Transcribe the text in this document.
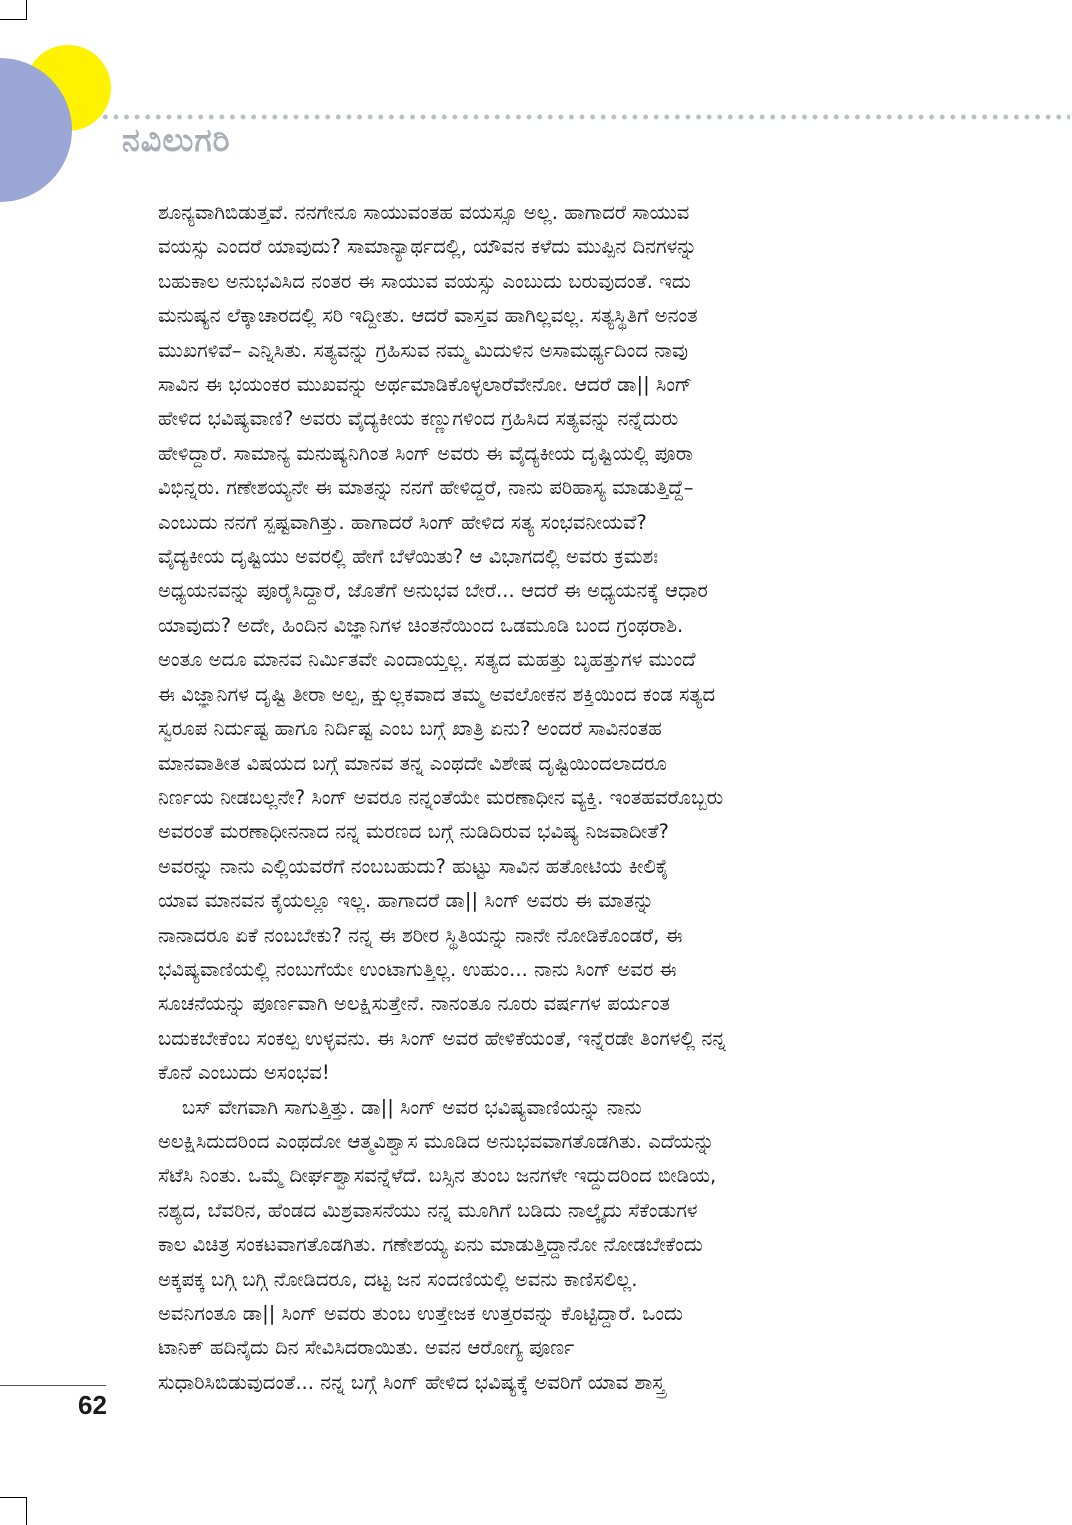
ನವಿಲುಗರಿ

ಶೂನ್ಯವಾಗಿಬಿಡುತ್ತವೆ. ನನಗೇನೂ ಸಾಯುವಂತಹ ವಯಸ್ಸೂ ಅಲ್ಲ. ಹಾಗಾದರೆ ಸಾಯುವ

ವಯಸ್ಸು ಎಂದರೆ ಯಾವುದು? ಸಾಮಾನ್ಯಾರ್ಥದಲ್ಲಿ, ಯೌವನ ಕಳೆದು ಮುಪ್ಪಿನ ದಿನಗಳನ್ನು

ಬಹುಕಾಲ ಅನುಭವಿಸಿದ ನಂತರ ಈ ಸಾಯುವ ವಯಸ್ಸು ಎಂಬುದು ಬರುವುದಂತೆ. ಇದು

ಮನುಷ್ಯನ ಲೆಕ್ಕಾಚಾರದಲ್ಲಿ ಸರಿ ಇದ್ದೀತು. ಆದರೆ ವಾಸ್ತವ ಹಾಗಿಲ್ಲವಲ್ಲ. ಸತ್ಯಸ್ಥಿತಿಗೆ ಅನಂತ

ಮುಖಗಳಿವೆ– ಎನ್ನಿಸಿತು. ಸತ್ಯವನ್ನು ಗ್ರಹಿಸುವ ನಮ್ಮ ಮಿದುಳಿನ ಅಸಾಮರ್ಥ್ಯದಿಂದ ನಾವು

ಸಾವಿನ ಈ ಭಯಂಕರ ಮುಖವನ್ನು ಅರ್ಥಮಾಡಿಕೊಳ್ಳಲಾರೆವೇನೋ. ಆದರೆ ಡಾ|| ಸಿಂಗ್

ಹೇಳಿದ ಭವಿಷ್ಯವಾಣಿ? ಅವರು ವೈದ್ಯಕೀಯ ಕಣ್ಣುಗಳಿಂದ ಗ್ರಹಿಸಿದ ಸತ್ಯವನ್ನು ನನ್ನೆದುರು

ಹೇಳಿದ್ದಾರೆ. ಸಾಮಾನ್ಯ ಮನುಷ್ಯನಿಗಿಂತ ಸಿಂಗ್ ಅವರು ಈ ವೈದ್ಯಕೀಯ ದೃಷ್ಟಿಯಲ್ಲಿ ಪೂರಾ

ವಿಭಿನ್ನರು. ಗಣೇಶಯ್ಯನೇ ಈ ಮಾತನ್ನು ನನಗೆ ಹೇಳಿದ್ದರೆ, ನಾನು ಪರಿಹಾಸ್ಯ ಮಾಡುತ್ತಿದ್ದೆ–

ಎಂಬುದು ನನಗೆ ಸ್ಪಷ್ಟವಾಗಿತ್ತು. ಹಾಗಾದರೆ ಸಿಂಗ್ ಹೇಳಿದ ಸತ್ಯ ಸಂಭವನೀಯವೆ?

ವೈದ್ಯಕೀಯ ದೃಷ್ಟಿಯು ಅವರಲ್ಲಿ ಹೇಗೆ ಬೆಳೆಯಿತು? ಆ ವಿಭಾಗದಲ್ಲಿ ಅವರು ಕ್ರಮಶಃ

ಅಧ್ಯಯನವನ್ನು ಪೂರೈಸಿದ್ದಾರೆ, ಜೊತೆಗೆ ಅನುಭವ ಬೇರೆ... ಆದರೆ ಈ ಅಧ್ಯಯನಕ್ಕೆ ಆಧಾರ

ಯಾವುದು? ಅದೇ, ಹಿಂದಿನ ವಿಜ್ಞಾನಿಗಳ ಚಿಂತನೆಯಿಂದ ಒಡಮೂಡಿ ಬಂದ ಗ್ರಂಥರಾಶಿ.

ಅಂತೂ ಅದೂ ಮಾನವ ನಿರ್ಮಿತವೇ ಎಂದಾಯ್ತಲ್ಲ. ಸತ್ಯದ ಮಹತ್ತು ಬೃಹತ್ತುಗಳ ಮುಂದೆ

ಈ ವಿಜ್ಞಾನಿಗಳ ದೃಷ್ಟಿ ತೀರಾ ಅಲ್ಪ, ಕ್ಷುಲ್ಲಕವಾದ ತಮ್ಮ ಅವಲೋಕನ ಶಕ್ತಿಯಿಂದ ಕಂಡ ಸತ್ಯದ

ಸ್ವರೂಪ ನಿರ್ದುಷ್ಟ ಹಾಗೂ ನಿರ್ದಿಷ್ಟ ಎಂಬ ಬಗ್ಗೆ ಖಾತ್ರಿ ಏನು? ಅಂದರೆ ಸಾವಿನಂತಹ

ಮಾನವಾತೀತ ವಿಷಯದ ಬಗ್ಗೆ ಮಾನವ ತನ್ನ ಎಂಥದೇ ವಿಶೇಷ ದೃಷ್ಟಿಯಿಂದಲಾದರೂ

ನಿರ್ಣಯ ನೀಡಬಲ್ಲನೇ? ಸಿಂಗ್ ಅವರೂ ನನ್ನಂತೆಯೇ ಮರಣಾಧೀನ ವ್ಯಕ್ತಿ. ಇಂತಹವರೊಬ್ಬರು

ಅವರಂತೆ ಮರಣಾಧೀನನಾದ ನನ್ನ ಮರಣದ ಬಗ್ಗೆ ನುಡಿದಿರುವ ಭವಿಷ್ಯ ನಿಜವಾದೀತೆ?

ಅವರನ್ನು ನಾನು ಎಲ್ಲಿಯವರೆಗೆ ನಂಬಬಹುದು? ಹುಟ್ಟು ಸಾವಿನ ಹತೋಟಿಯ ಕೀಲಿಕೈ

ಯಾವ ಮಾನವನ ಕೈಯಲ್ಲೂ ಇಲ್ಲ. ಹಾಗಾದರೆ ಡಾ|| ಸಿಂಗ್ ಅವರು ಈ ಮಾತನ್ನು

ನಾನಾದರೂ ಏಕೆ ನಂಬಬೇಕು? ನನ್ನ ಈ ಶರೀರ ಸ್ಥಿತಿಯನ್ನು ನಾನೇ ನೋಡಿಕೊಂಡರೆ, ಈ

ಭವಿಷ್ಯವಾಣಿಯಲ್ಲಿ ನಂಬುಗೆಯೇ ಉಂಟಾಗುತ್ತಿಲ್ಲ. ಉಹುಂ... ನಾನು ಸಿಂಗ್ ಅವರ ಈ

ಸೂಚನೆಯನ್ನು ಪೂರ್ಣವಾಗಿ ಅಲಕ್ಷಿಸುತ್ತೇನೆ. ನಾನಂತೂ ನೂರು ವರ್ಷಗಳ ಪರ್ಯಂತ

ಬದುಕಬೇಕೆಂಬ ಸಂಕಲ್ಪ ಉಳ್ಳವನು. ಈ ಸಿಂಗ್ ಅವರ ಹೇಳಿಕೆಯಂತೆ, ಇನ್ನೆರಡೇ ತಿಂಗಳಲ್ಲಿ ನನ್ನ

ಕೊನೆ ಎಂಬುದು ಅಸಂಭವ!

ಬಸ್ ವೇಗವಾಗಿ ಸಾಗುತ್ತಿತ್ತು. ಡಾ|| ಸಿಂಗ್ ಅವರ ಭವಿಷ್ಯವಾಣಿಯನ್ನು ನಾನು

ಅಲಕ್ಷಿಸಿದುದರಿಂದ ಎಂಥದೋ ಆತ್ಮವಿಶ್ವಾಸ ಮೂಡಿದ ಅನುಭವವಾಗತೊಡಗಿತು. ಎದೆಯನ್ನು

ಸೆಟೆಸಿ ನಿಂತು. ಒಮ್ಮೆ ದೀರ್ಘಶ್ವಾಸವನ್ನೆಳೆದೆ. ಬಸ್ಸಿನ ತುಂಬ ಜನಗಳೇ ಇದ್ದುದರಿಂದ ಬೀಡಿಯ,

ನಶ್ಯದ, ಬೆವರಿನ, ಹೆಂಡದ ಮಿಶ್ರವಾಸನೆಯು ನನ್ನ ಮೂಗಿಗೆ ಬಡಿದು ನಾಲ್ಕೈದು ಸೆಕೆಂಡುಗಳ

ಕಾಲ ವಿಚಿತ್ರ ಸಂಕಟವಾಗತೊಡಗಿತು. ಗಣೇಶಯ್ಯ ಏನು ಮಾಡುತ್ತಿದ್ದಾನೋ ನೋಡಬೇಕೆಂದು

ಅಕ್ಕಪಕ್ಕ ಬಗ್ಗಿ ಬಗ್ಗಿ ನೋಡಿದರೂ, ದಟ್ಟ ಜನ ಸಂದಣಿಯಲ್ಲಿ ಅವನು ಕಾಣಿಸಲಿಲ್ಲ.

ಅವನಿಗಂತೂ ಡಾ|| ಸಿಂಗ್ ಅವರು ತುಂಬ ಉತ್ತೇಜಕ ಉತ್ತರವನ್ನು ಕೊಟ್ಟಿದ್ದಾರೆ. ಒಂದು

ಟಾನಿಕ್ ಹದಿನೈದು ದಿನ ಸೇವಿಸಿದರಾಯಿತು. ಅವನ ಆರೋಗ್ಯ ಪೂರ್ಣ

ಸುಧಾರಿಸಿಬಿಡುವುದಂತೆ... ನನ್ನ ಬಗ್ಗೆ ಸಿಂಗ್ ಹೇಳಿದ ಭವಿಷ್ಯಕ್ಕೆ ಅವರಿಗೆ ಯಾವ ಶಾಸ್ತ್ರ

62
